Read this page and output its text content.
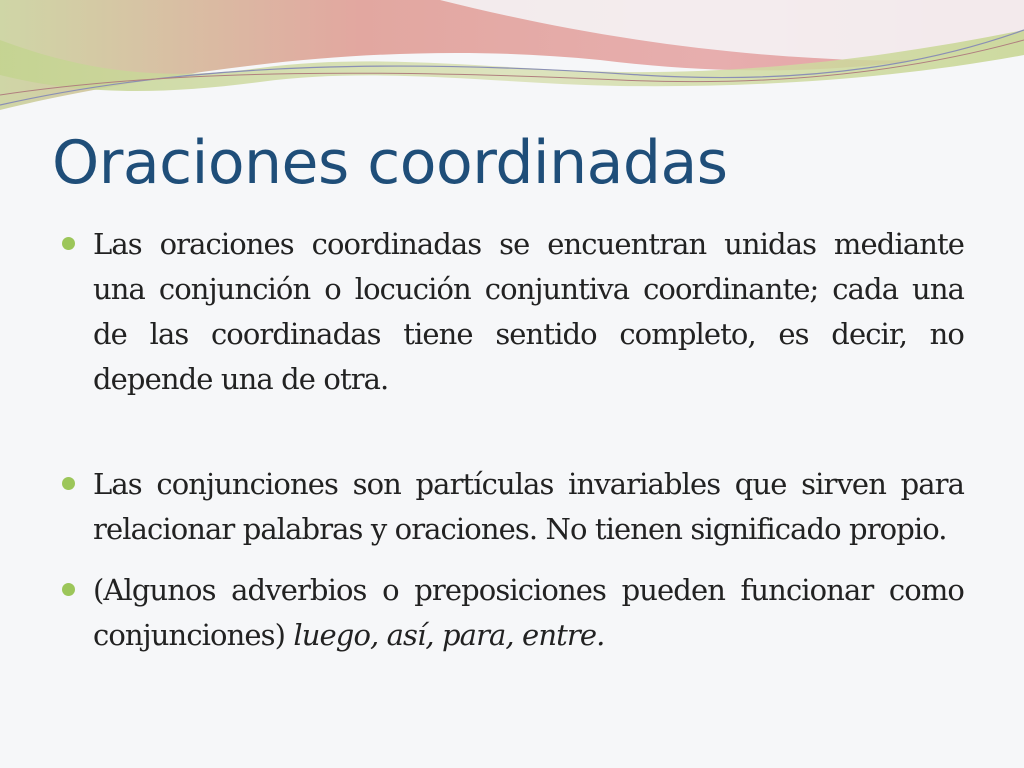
Oraciones coordinadas
Las oraciones coordinadas se encuentran unidas mediante una conjunción o locución conjuntiva coordinante; cada una de las coordinadas tiene sentido completo, es decir, no depende una de otra.
Las conjunciones son partículas invariables que sirven para relacionar palabras y oraciones. No tienen significado propio.
(Algunos adverbios o preposiciones pueden funcionar como conjunciones) luego, así, para, entre.
